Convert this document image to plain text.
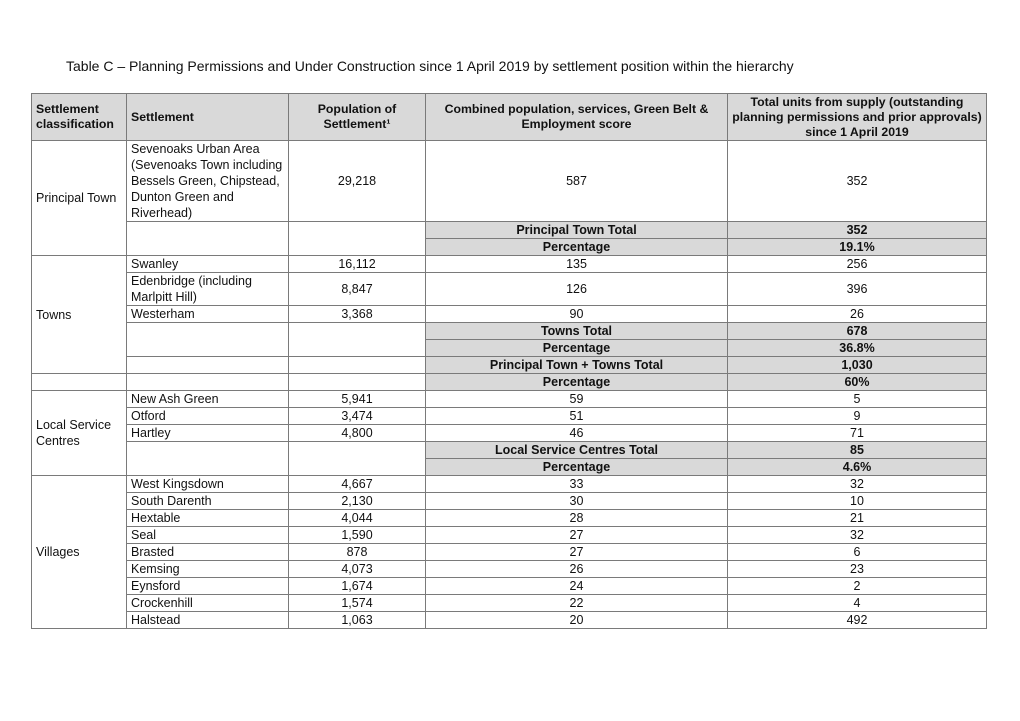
Table C – Planning Permissions and Under Construction since 1 April 2019 by settlement position within the hierarchy
Settlement classification	Settlement	Population of Settlement¹	Combined population, services, Green Belt & Employment score	Total units from supply (outstanding planning permissions and prior approvals) since 1 April 2019
Principal Town	Sevenoaks Urban Area (Sevenoaks Town including Bessels Green, Chipstead, Dunton Green and Riverhead)	29,218	587	352
			Principal Town Total	352
			Percentage	19.1%
Towns	Swanley	16,112	135	256
	Edenbridge (including Marlpitt Hill)	8,847	126	396
	Westerham	3,368	90	26
			Towns Total	678
			Percentage	36.8%
			Principal Town + Towns Total	1,030
			Percentage	60%
Local Service Centres	New Ash Green	5,941	59	5
	Otford	3,474	51	9
	Hartley	4,800	46	71
			Local Service Centres Total	85
			Percentage	4.6%
Villages	West Kingsdown	4,667	33	32
	South Darenth	2,130	30	10
	Hextable	4,044	28	21
	Seal	1,590	27	32
	Brasted	878	27	6
	Kemsing	4,073	26	23
	Eynsford	1,674	24	2
	Crockenhill	1,574	22	4
	Halstead	1,063	20	492
